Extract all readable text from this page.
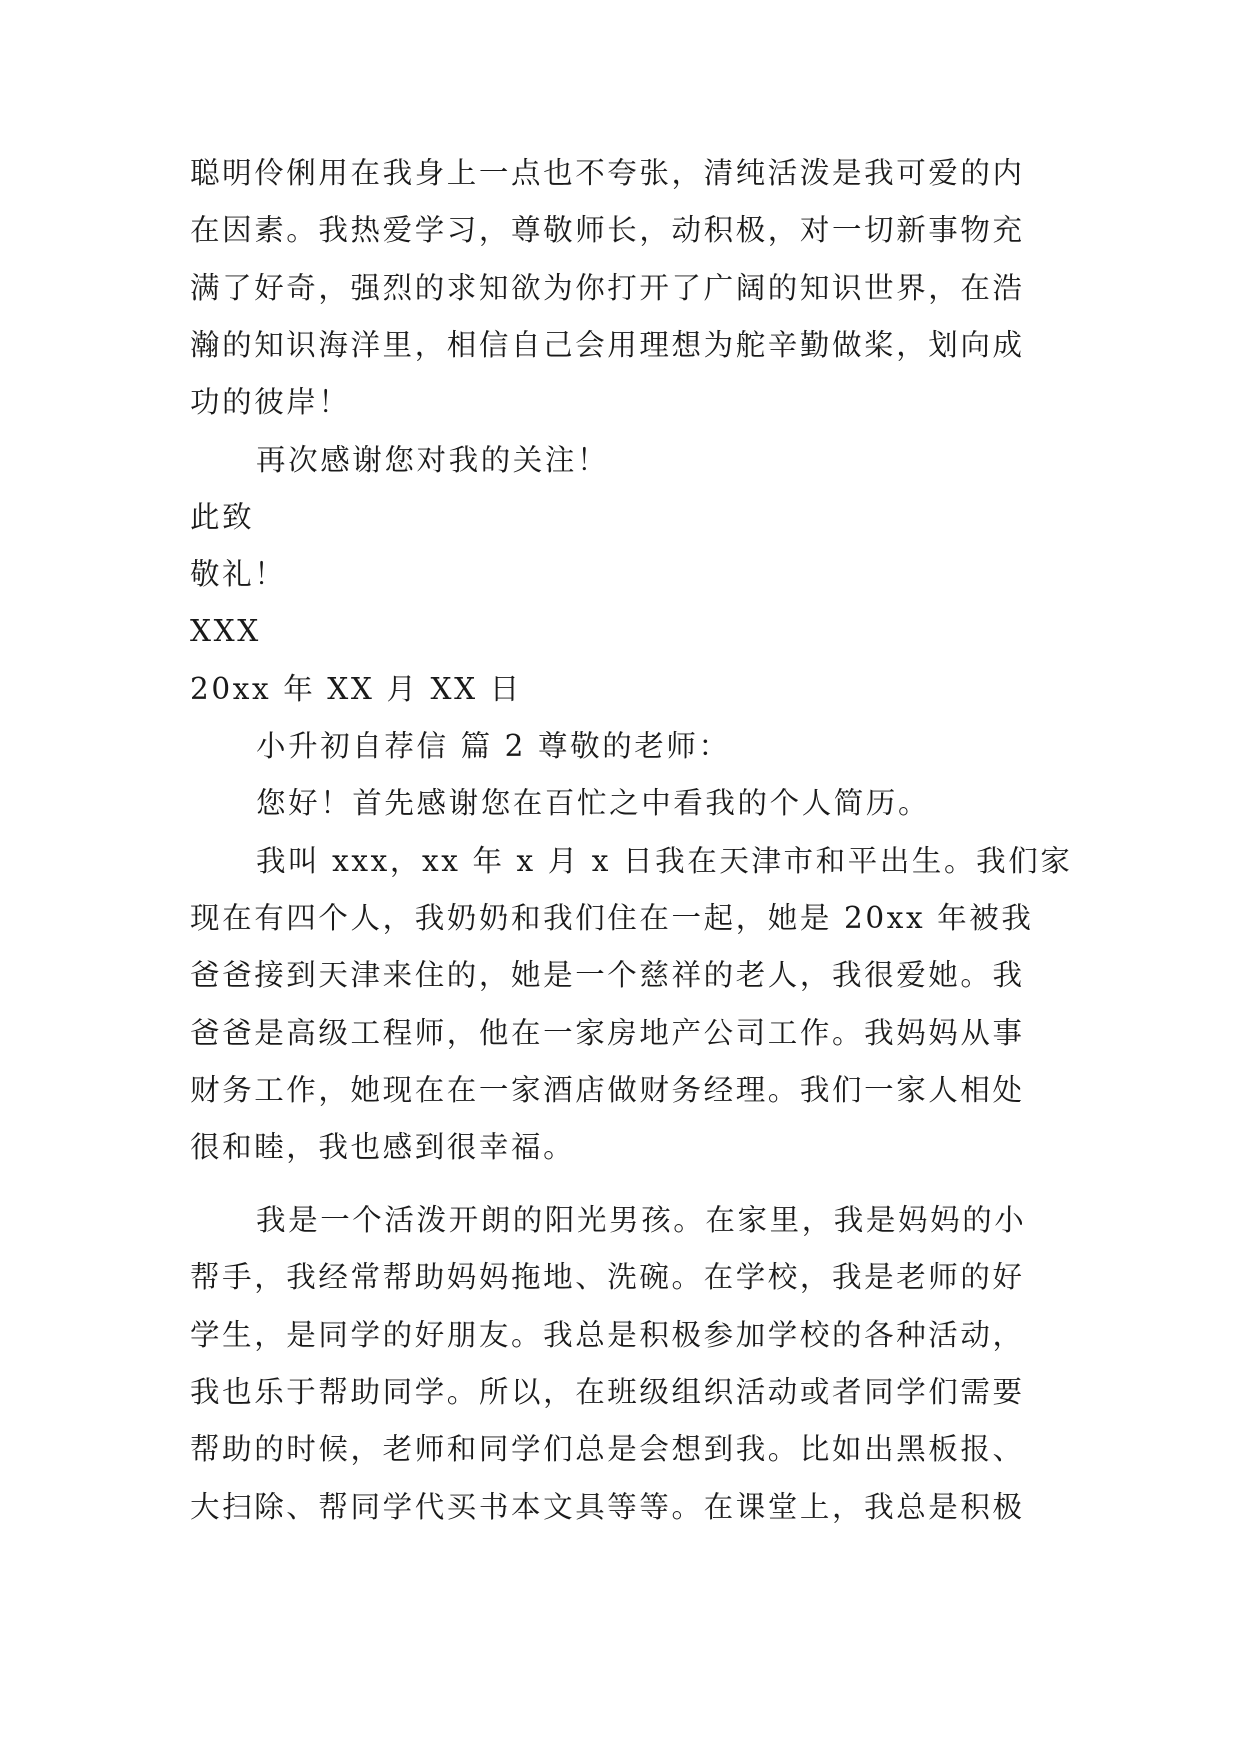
聪明伶俐用在我身上一点也不夸张，清纯活泼是我可爱的内
在因素。我热爱学习，尊敬师长，动积极，对一切新事物充
满了好奇，强烈的求知欲为你打开了广阔的知识世界，在浩
瀚的知识海洋里，相信自己会用理想为舵辛勤做桨，划向成
功的彼岸！
再次感谢您对我的关注！
此致
敬礼！
XXX
20xx 年 XX 月 XX 日
小升初自荐信 篇 2 尊敬的老师：
您好！首先感谢您在百忙之中看我的个人简历。
我叫 xxx，xx 年 x 月 x 日我在天津市和平出生。我们家
现在有四个人，我奶奶和我们住在一起，她是 20xx 年被我
爸爸接到天津来住的，她是一个慈祥的老人，我很爱她。我
爸爸是高级工程师，他在一家房地产公司工作。我妈妈从事
财务工作，她现在在一家酒店做财务经理。我们一家人相处
很和睦，我也感到很幸福。
我是一个活泼开朗的阳光男孩。在家里，我是妈妈的小
帮手，我经常帮助妈妈拖地、洗碗。在学校，我是老师的好
学生，是同学的好朋友。我总是积极参加学校的各种活动，
我也乐于帮助同学。所以，在班级组织活动或者同学们需要
帮助的时候，老师和同学们总是会想到我。比如出黑板报、
大扫除、帮同学代买书本文具等等。在课堂上，我总是积极
